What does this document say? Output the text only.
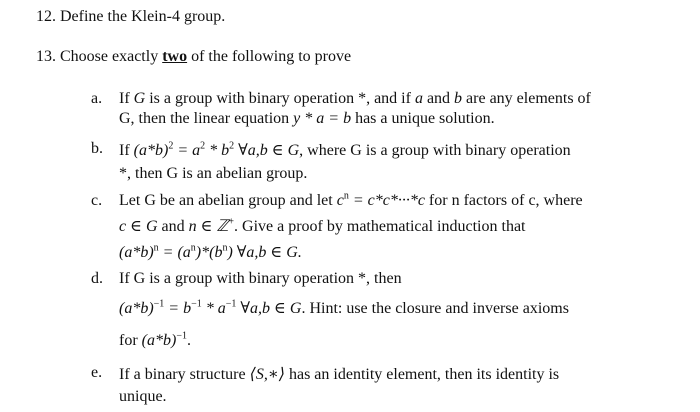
12. Define the Klein-4 group.
13. Choose exactly two of the following to prove
a. If G is a group with binary operation *, and if a and b are any elements of
G, then the linear equation y * a = b has a unique solution.
b. If $(a*b)^2 = a^2 * b^2$ ∀a,b ∈ G, where G is a group with binary operation
*, then G is an abelian group.
c. Let G be an abelian group and let $c^n = c*c*\cdot\cdot\cdot*c$ for n factors of c, where
c ∈ G and n ∈ ℤ+. Give a proof by mathematical induction that
$(a*b)^n = (a^n)*(b^n)$ ∀a,b ∈ G.
d. If G is a group with binary operation *, then
$(a*b)^{-1} = b^{-1} * a^{-1}$ ∀a,b ∈ G. Hint: use the closure and inverse axioms
for $(a*b)^{-1}$.
e. If a binary structure ⟨S,∗⟩ has an identity element, then its identity is
unique.
